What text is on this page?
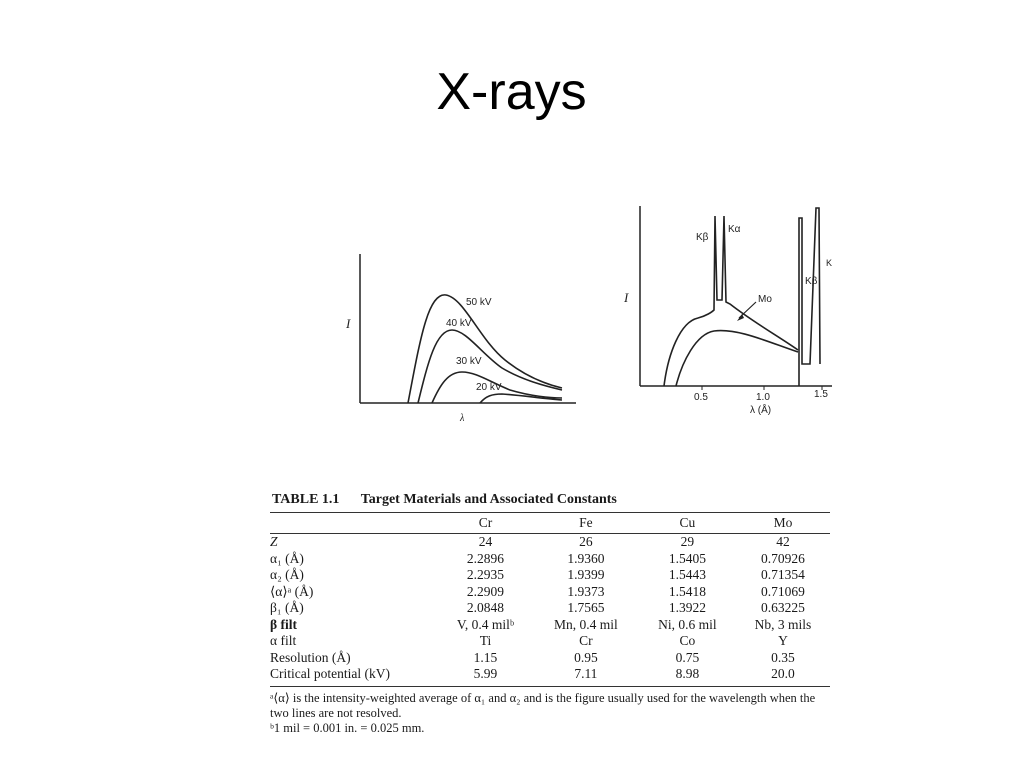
X-rays
I
λ
50 kV
40 kV
30 kV
20 kV
I
0.5	1.0	1.5
λ (Å)
Kβ
Kα
Mo
Kβ
K
TABLE 1.1 Target Materials and Associated Constants
	Cr	Fe	Cu	Mo

Z	24	26	29	42
α₁ (Å)	2.2896	1.9360	1.5405	0.70926
α₂ (Å)	2.2935	1.9399	1.5443	0.71354
⟨α⟩ᵃ (Å)	2.2909	1.9373	1.5418	0.71069
β₁ (Å)	2.0848	1.7565	1.3922	0.63225
β filt	V, 0.4 milᵇ	Mn, 0.4 mil	Ni, 0.6 mil	Nb, 3 mils
α filt	Ti	Cr	Co	Y
Resolution (Å)	1.15	0.95	0.75	0.35
Critical potential (kV)	5.99	7.11	8.98	20.0
ᵃ⟨α⟩ is the intensity-weighted average of α₁ and α₂ and is the figure usually used for the wavelength when the two lines are not resolved.
ᵇ1 mil = 0.001 in. = 0.025 mm.
